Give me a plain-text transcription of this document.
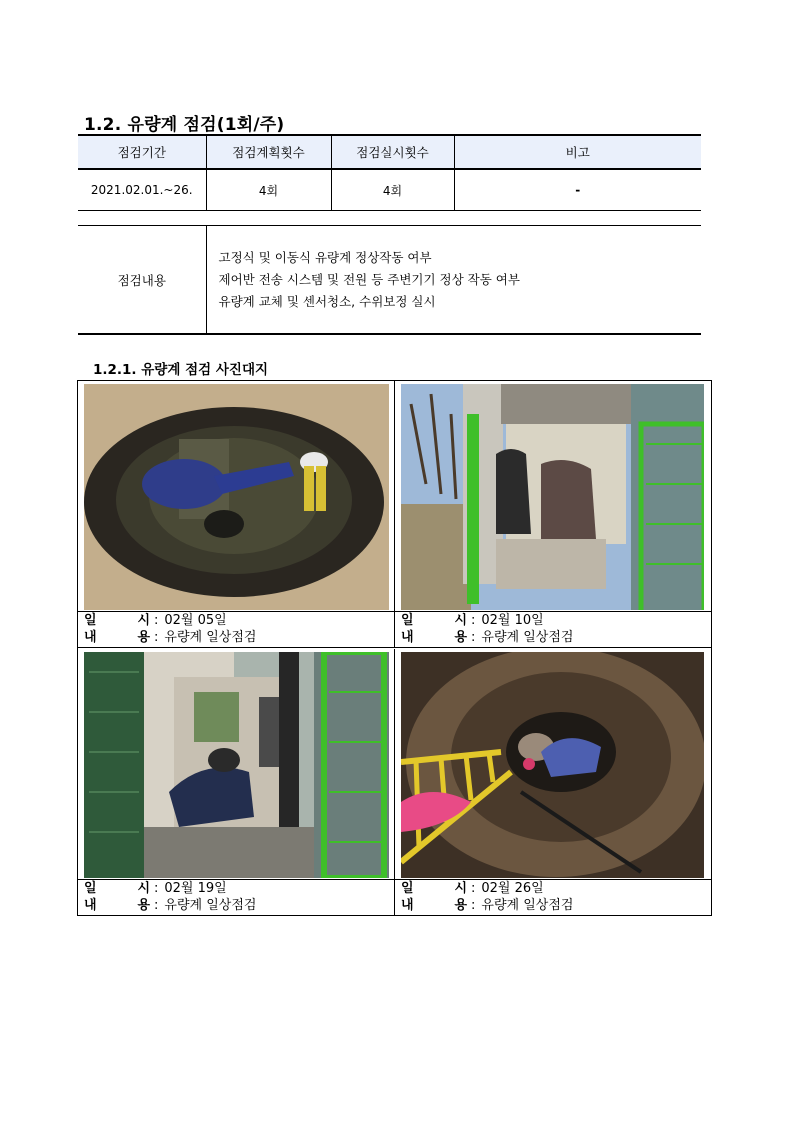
1.2. 유량계 점검(1회/주)
점검기간	점검계획횟수	점검실시횟수	비고
2021.02.01.~26.	4회	4회	-
점검내용	
고정식 및 이동식 유량계 정상작동 여부
제어반 전송 시스템 및 전원 등 주변기기 정상 작동 여부
유량계 교체 및 센서청소, 수위보정 실시
1.2.1. 유량계 점검 사진대지
일	시 : 02월 05일
내	용 : 유량계 일상점검
일	시 : 02월 10일
내	용 : 유량계 일상점검
일	시 : 02월 19일
내	용 : 유량계 일상점검
일	시 : 02월 26일
내	용 : 유량계 일상점검
